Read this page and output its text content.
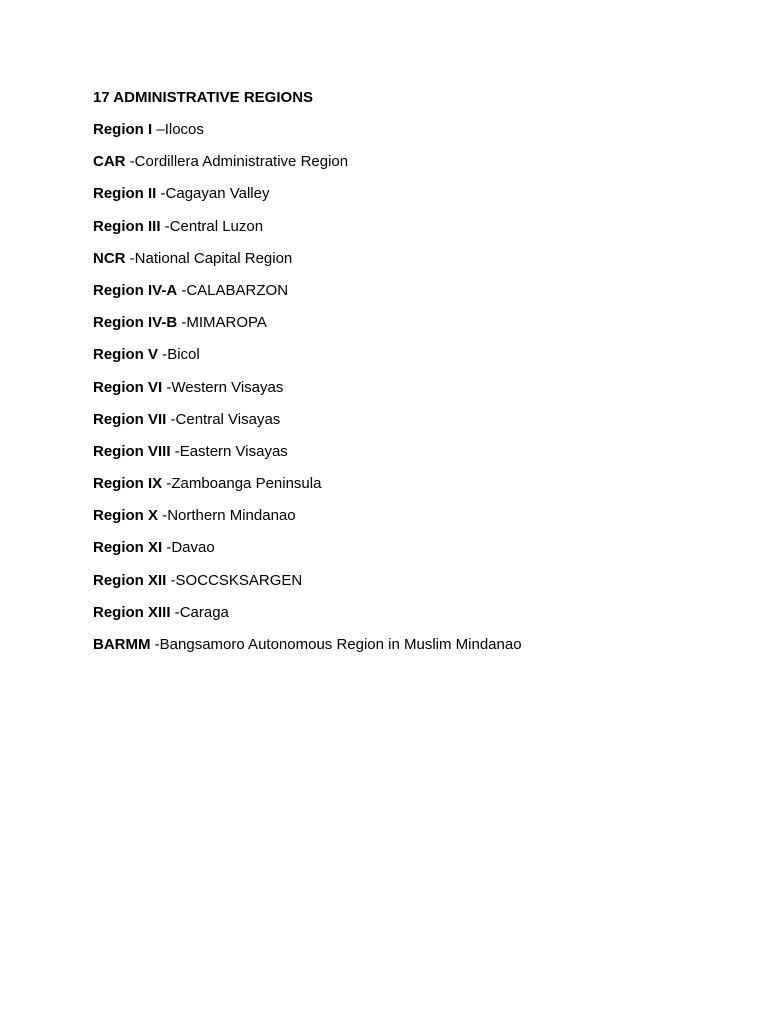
17 ADMINISTRATIVE REGIONS
Region I –Ilocos
CAR -Cordillera Administrative Region
Region II -Cagayan Valley
Region III -Central Luzon
NCR -National Capital Region
Region IV-A -CALABARZON
Region IV-B -MIMAROPA
Region V -Bicol
Region VI -Western Visayas
Region VII -Central Visayas
Region VIII -Eastern Visayas
Region IX -Zamboanga Peninsula
Region X -Northern Mindanao
Region XI -Davao
Region XII -SOCCSKSARGEN
Region XIII -Caraga
BARMM -Bangsamoro Autonomous Region in Muslim Mindanao
